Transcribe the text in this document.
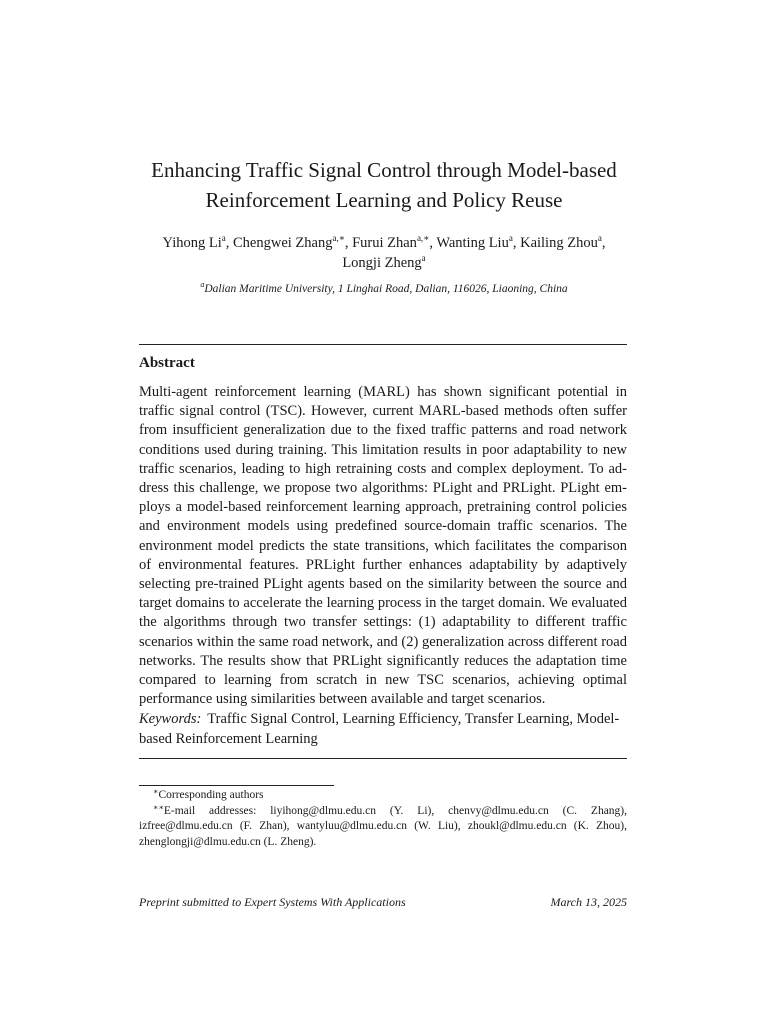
Enhancing Traffic Signal Control through Model-based
Reinforcement Learning and Policy Reuse
Yihong Li$^a$, Chengwei Zhang$^{a,∗}$, Furui Zhan$^{a,∗}$, Wanting Liu$^a$, Kailing Zhou$^a$,
Longji Zheng$^a$
$^a$Dalian Maritime University, 1 Linghai Road, Dalian, 116026, Liaoning, China
Abstract
Multi-agent reinforcement learning (MARL) has shown significant potential in traffic signal control (TSC). However, current MARL-based methods often suffer from insufficient generalization due to the fixed traffic patterns and road network conditions used during training. This limitation results in poor adaptability to new traffic scenarios, leading to high retraining costs and complex deployment. To address this challenge, we propose two algorithms: PLight and PRLight. PLight employs a model-based reinforcement learning approach, pretraining control policies and environment models using predefined source-domain traffic scenarios. The environment model predicts the state transitions, which facilitates the comparison of environmental features. PRLight further enhances adaptability by adaptively selecting pre-trained PLight agents based on the similarity between the source and target domains to accelerate the learning process in the target domain. We evaluated the algorithms through two transfer settings: (1) adaptability to different traffic scenarios within the same road network, and (2) generalization across different road networks. The results show that PRLight significantly reduces the adaptation time compared to learning from scratch in new TSC scenarios, achieving optimal performance using similarities between available and target scenarios.
Keywords: Traffic Signal Control, Learning Efficiency, Transfer Learning, Model-based Reinforcement Learning
∗Corresponding authors
∗∗E-mail addresses: liyihong@dlmu.edu.cn (Y. Li), chenvy@dlmu.edu.cn (C. Zhang), izfree@dlmu.edu.cn (F. Zhan), wantyluu@dlmu.edu.cn (W. Liu), zhoukl@dlmu.edu.cn (K. Zhou), zhenglongji@dlmu.edu.cn (L. Zheng).
Preprint submitted to Expert Systems With Applications	March 13, 2025
